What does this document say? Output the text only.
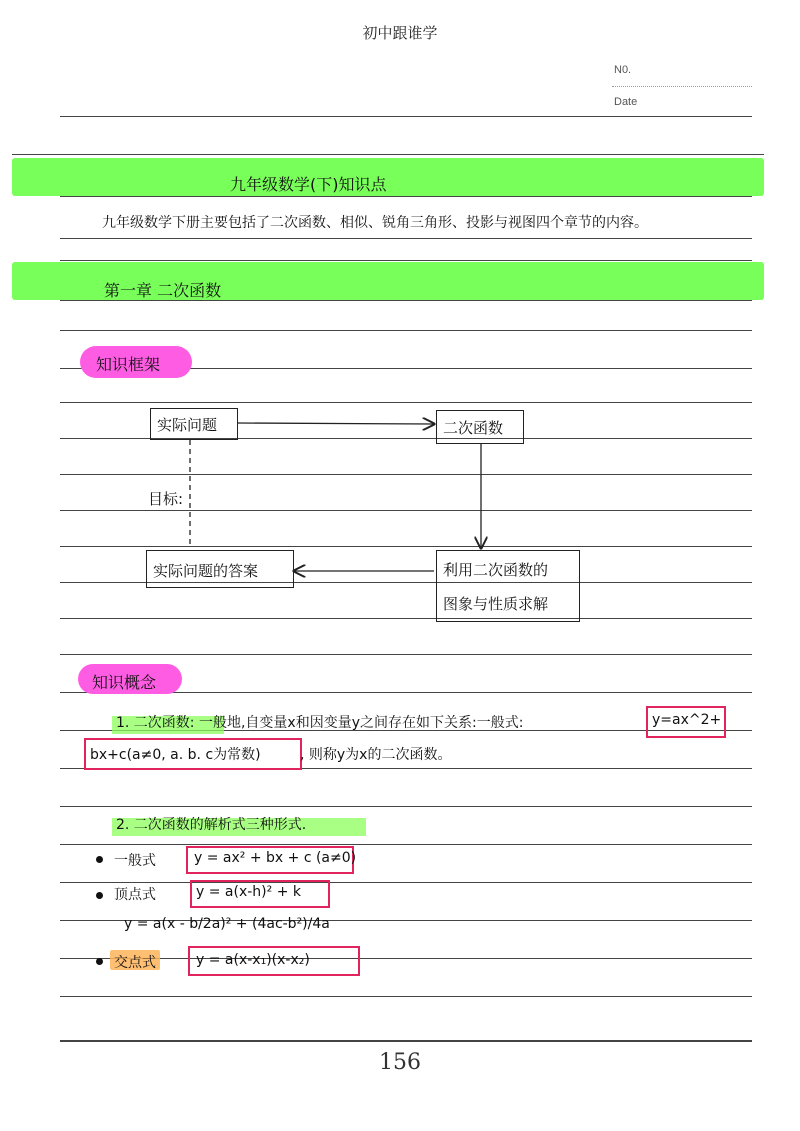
初中跟谁学
N0.
Date
九年级数学(下)知识点
九年级数学下册主要包括了二次函数、相似、锐角三角形、投影与视图四个章节的内容。
第一章 二次函数
知识框架
实际问题	二次函数
目标:
实际问题的答案	利用二次函数的
图象与性质求解
知识概念
1. 二次函数: 一般地,自变量x和因变量y之间存在如下关系:一般式:	y=ax^2+
bx+c(a≠0, a. b. c为常数)	, 则称y为x的二次函数。
2. 二次函数的解析式三种形式.
一般式	y = ax² + bx + c (a≠0)
顶点式	y = a(x-h)² + k
y = a(x - b/2a)² + (4ac-b²)/4a
交点式	y = a(x-x₁)(x-x₂)
156
